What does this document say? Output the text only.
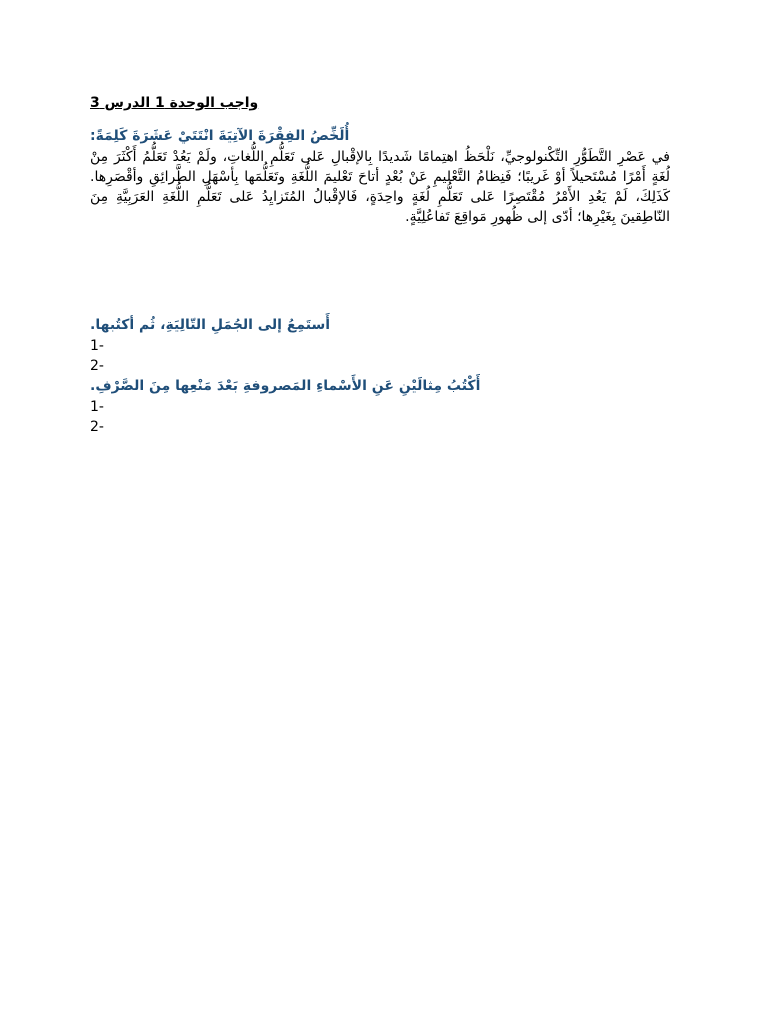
واجب الوحدة 1 الدرس 3

أُلَخِّصُ الفِقْرَةَ الآتِيَةَ انْتَتَيْ عَشَرَةَ كَلِمَةً:

في عَصْرِ التَّطَوُّرِ التِّكْنولوجيِّ، نَلْحَظُ اهتِمامًا شَديدًا بِالإقْبالِ عَلى تَعَلُّمِ اللُّغاتِ، ولَمْ يَعُدْ تَعَلُّمُ أَكْثَرَ مِنْ لُغَةٍ أَمْرًا مُسْتَحيلاً أوْ غَريبًا؛ فَنِظامُ التَّعْليمِ عَنْ بُعْدٍ أتاحَ تَعْليمَ اللُّغَةِ وتَعَلُّمَها بِأسْهَلِ الطَّرائِقِ وأقْصَرِها. كَذَلِكَ، لَمْ يَعُدِ الأَمْرُ مُقْتَصِرًا عَلى تَعَلُّمِ لُغَةٍ واحِدَةٍ، فَالإقْبالُ المُتَزايِدُ عَلى تَعَلُّمِ اللُّغَةِ العَرَبِيَّةِ مِنَ النّاطِقينَ بِغَيْرِها؛ أدّى إلى ظُهورِ مَواقِعَ تَفاعُلِيَّةٍ.

أَستَمِعُ إلى الجُمَلِ التّالِيَةِ، ثُم أكتُبها.

1-

2-

أَكْتُبُ مِثالَيْنِ عَنِ الأَسْماءِ المَصروفةِ بَعْدَ مَنْعِها مِنَ الصَّرْفِ.

1-

2-
